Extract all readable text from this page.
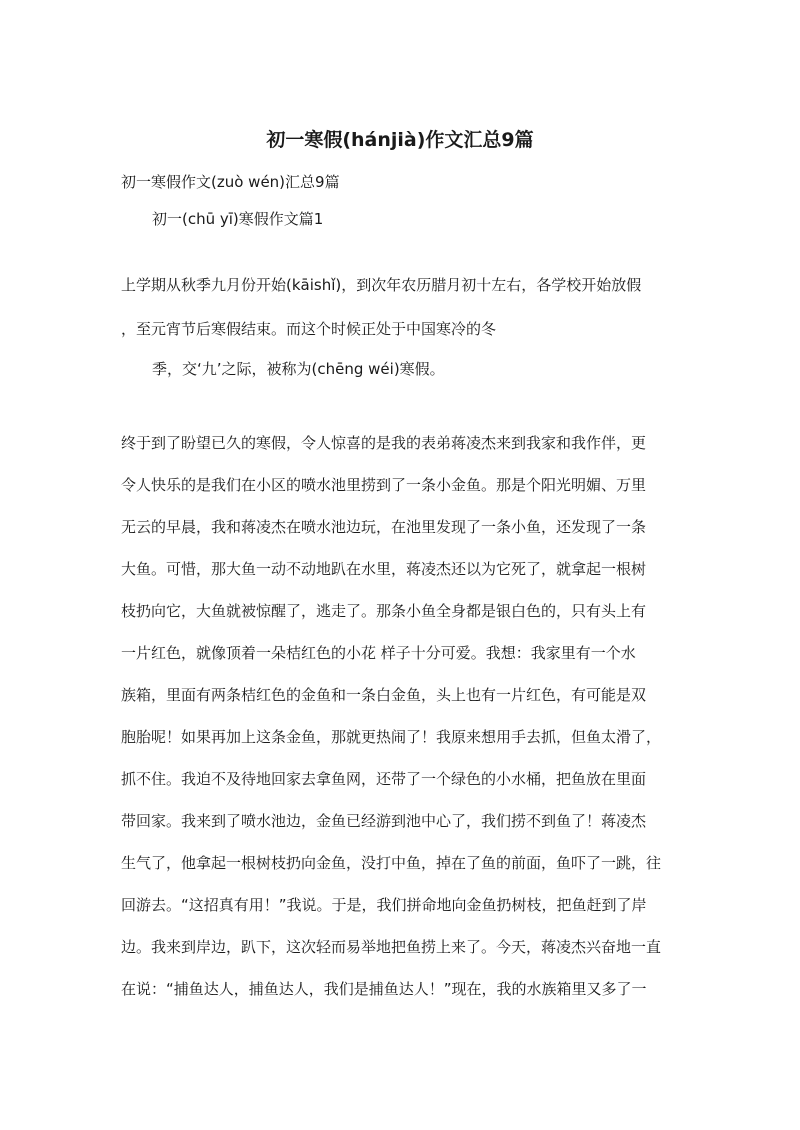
初一寒假(hánjià)作文汇总9篇
初一寒假作文(zuò wén)汇总9篇
初一(chū yī)寒假作文篇1
上学期从秋季九月份开始(kāishǐ)，到次年农历腊月初十左右，各学校开始放假
，至元宵节后寒假结束。而这个时候正处于中国寒冷的冬
季，交‘九’之际，被称为(chēng wéi)寒假。
终于到了盼望已久的寒假，令人惊喜的是我的表弟蒋凌杰来到我家和我作伴，更
令人快乐的是我们在小区的喷水池里捞到了一条小金鱼。那是个阳光明媚、万里
无云的早晨，我和蒋凌杰在喷水池边玩，在池里发现了一条小鱼，还发现了一条
大鱼。可惜，那大鱼一动不动地趴在水里，蒋凌杰还以为它死了，就拿起一根树
枝扔向它，大鱼就被惊醒了，逃走了。那条小鱼全身都是银白色的，只有头上有
一片红色，就像顶着一朵桔红色的小花 样子十分可爱。我想：我家里有一个水
族箱，里面有两条桔红色的金鱼和一条白金鱼，头上也有一片红色，有可能是双
胞胎呢！如果再加上这条金鱼，那就更热闹了！我原来想用手去抓，但鱼太滑了，
抓不住。我迫不及待地回家去拿鱼网，还带了一个绿色的小水桶，把鱼放在里面
带回家。我来到了喷水池边，金鱼已经游到池中心了，我们捞不到鱼了！蒋凌杰
生气了，他拿起一根树枝扔向金鱼，没打中鱼，掉在了鱼的前面，鱼吓了一跳，往
回游去。“这招真有用！”我说。于是，我们拼命地向金鱼扔树枝，把鱼赶到了岸
边。我来到岸边，趴下，这次轻而易举地把鱼捞上来了。今天，蒋凌杰兴奋地一直
在说：“捕鱼达人，捕鱼达人，我们是捕鱼达人！”现在，我的水族箱里又多了一
